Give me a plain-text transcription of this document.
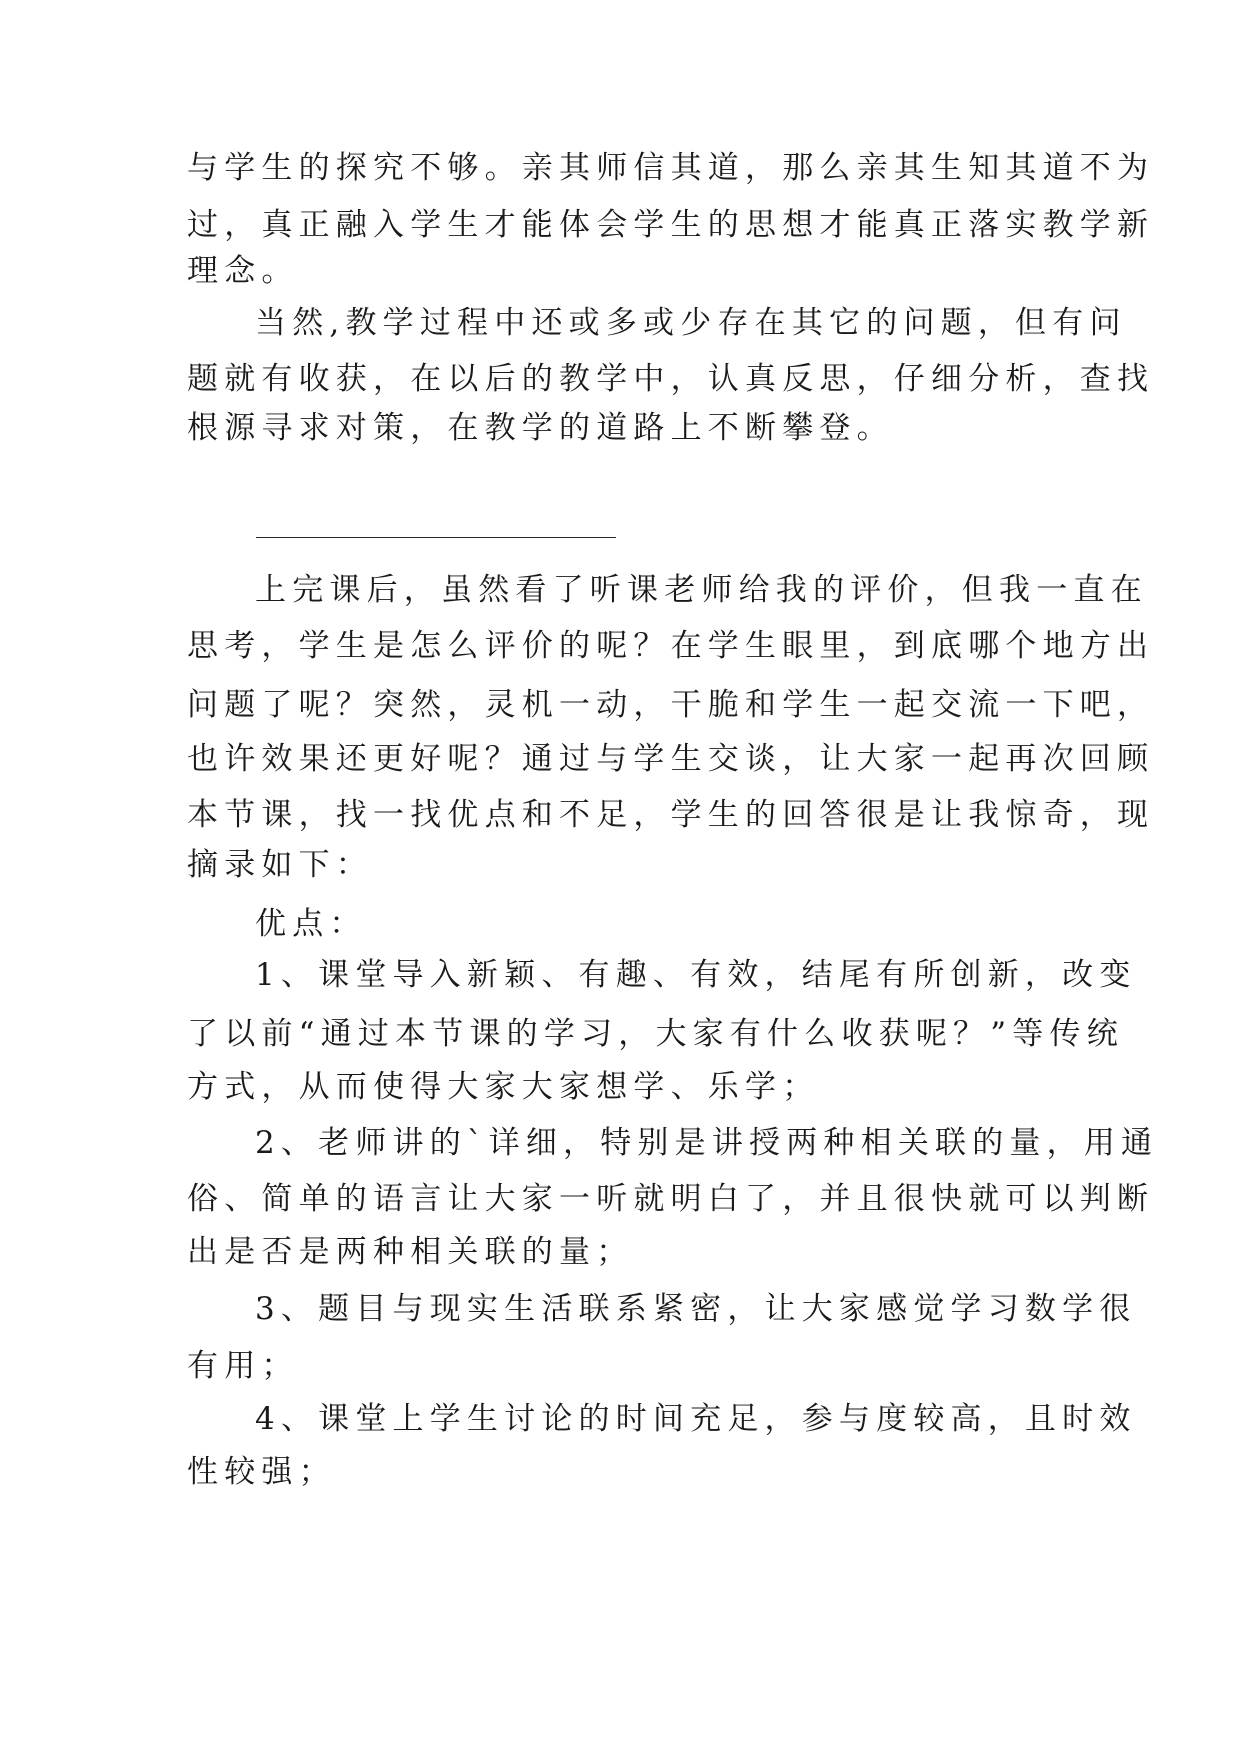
与学生的探究不够。亲其师信其道，那么亲其生知其道不为
过，真正融入学生才能体会学生的思想才能真正落实教学新
理念。
当然,教学过程中还或多或少存在其它的问题，但有问
题就有收获，在以后的教学中，认真反思，仔细分析，查找
根源寻求对策，在教学的道路上不断攀登。
上完课后，虽然看了听课老师给我的评价，但我一直在
思考，学生是怎么评价的呢？在学生眼里，到底哪个地方出
问题了呢？突然，灵机一动，干脆和学生一起交流一下吧，
也许效果还更好呢？通过与学生交谈，让大家一起再次回顾
本节课，找一找优点和不足，学生的回答很是让我惊奇，现
摘录如下：
优点：
1、课堂导入新颖、有趣、有效，结尾有所创新，改变
了以前“通过本节课的学习，大家有什么收获呢？”等传统
方式，从而使得大家大家想学、乐学；
2、老师讲的`详细，特别是讲授两种相关联的量，用通
俗、简单的语言让大家一听就明白了，并且很快就可以判断
出是否是两种相关联的量；
3、题目与现实生活联系紧密，让大家感觉学习数学很
有用；
4、课堂上学生讨论的时间充足，参与度较高，且时效
性较强；
